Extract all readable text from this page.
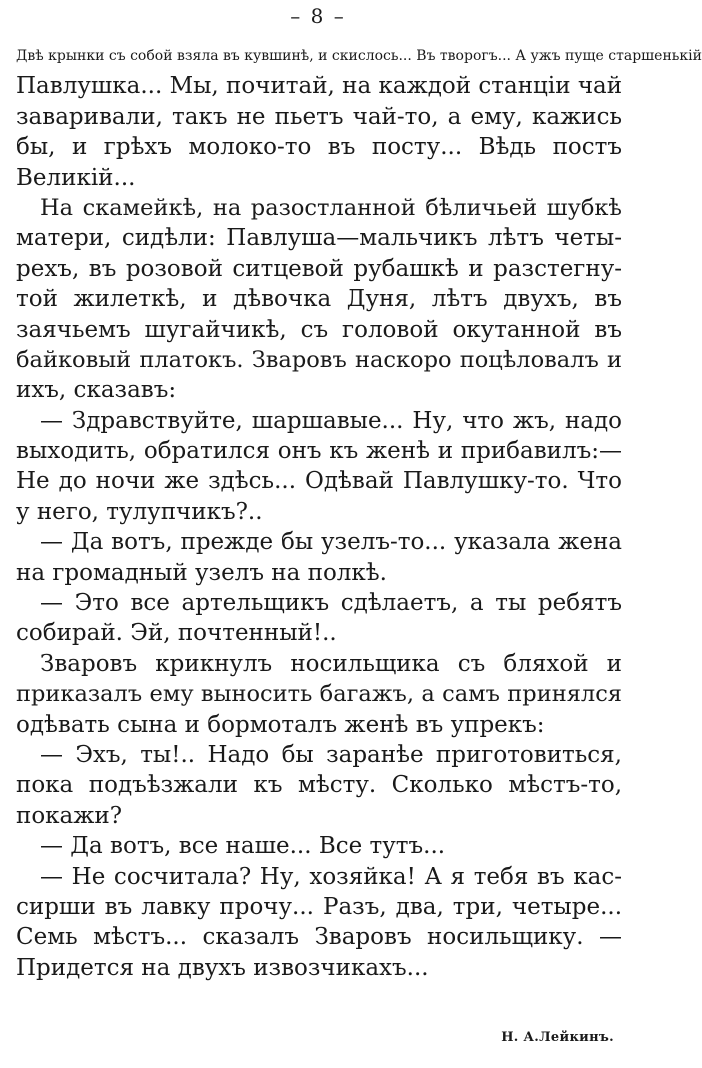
– 8 –
Двѣ крынки съ собой взяла въ кувшинѣ, и скислось... Въ творогъ... А ужъ пуще старшенькій
Павлушка... Мы, почитай, на каждой станціи чай
заваривали, такъ не пьетъ чай-то, а ему, кажись
бы, и грѣхъ молоко-то въ посту... Вѣдь постъ
Великій...
На скамейкѣ, на разостланной бѣличьей шубкѣ
матери, сидѣли: Павлуша—мальчикъ лѣтъ четы-
рехъ, въ розовой ситцевой рубашкѣ и разстегну-
той жилеткѣ, и дѣвочка Дуня, лѣтъ двухъ, въ
заячьемъ шугайчикѣ, съ головой окутанной въ
байковый платокъ. Зваровъ наскоро поцѣловалъ и
ихъ, сказавъ:
— Здравствуйте, шаршавые... Ну, что жъ, надо
выходить, обратился онъ къ женѣ и прибавилъ:—
Не до ночи же здѣсь... Одѣвай Павлушку-то. Что
у него, тулупчикъ?..
— Да вотъ, прежде бы узелъ-то... указала жена
на громадный узелъ на полкѣ.
— Это все артельщикъ сдѣлаетъ, а ты ребятъ
собирай. Эй, почтенный!..
Зваровъ крикнулъ носильщика съ бляхой и
приказалъ ему выносить багажъ, а самъ принялся
одѣвать сына и бормоталъ женѣ въ упрекъ:
— Эхъ, ты!.. Надо бы заранѣе приготовиться,
пока подъѣзжали къ мѣсту. Сколько мѣстъ-то,
покажи?
— Да вотъ, все наше... Все тутъ...
— Не сосчитала? Ну, хозяйка! А я тебя въ кас-
сирши въ лавку прочу... Разъ, два, три, четыре...
Семь мѣстъ... сказалъ Зваровъ носильщику. —
Придется на двухъ извозчикахъ...
Н. А.Лейкинъ.
